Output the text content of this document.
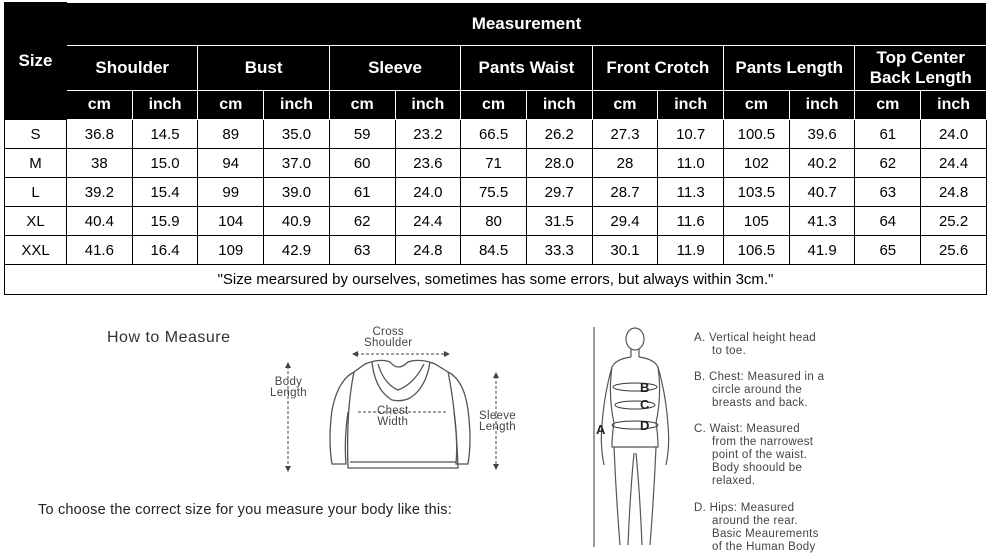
Size	Measurement													
	Shoulder		Bust		Sleeve		Pants Waist		Front Crotch		Pants Length		Top Center Back Length	
	cm	inch	cm	inch	cm	inch	cm	inch	cm	inch	cm	inch	cm	inch
S	36.8	14.5	89	35.0	59	23.2	66.5	26.2	27.3	10.7	100.5	39.6	61	24.0
M	38	15.0	94	37.0	60	23.6	71	28.0	28	11.0	102	40.2	62	24.4
L	39.2	15.4	99	39.0	61	24.0	75.5	29.7	28.7	11.3	103.5	40.7	63	24.8
XL	40.4	15.9	104	40.9	62	24.4	80	31.5	29.4	11.6	105	41.3	64	25.2
XXL	41.6	16.4	109	42.9	63	24.8	84.5	33.3	30.1	11.9	106.5	41.9	65	25.6
"Size mearsured by ourselves, sometimes has some errors, but always within 3cm."														
How to Measure	Cross
Shoulder
Body
Length
Chest
Width	Sleeve
Length
To choose the correct size for you measure your body like this:
A
B
C
D
A. Vertical height head
to toe.
B. Chest: Measured in a
circle around the
breasts and back.
C. Waist: Measured
from the narrowest
point of the waist.
Body shoould be
relaxed.
D. Hips: Measured
around the rear.
Basic Meaurements
of the Human Body
